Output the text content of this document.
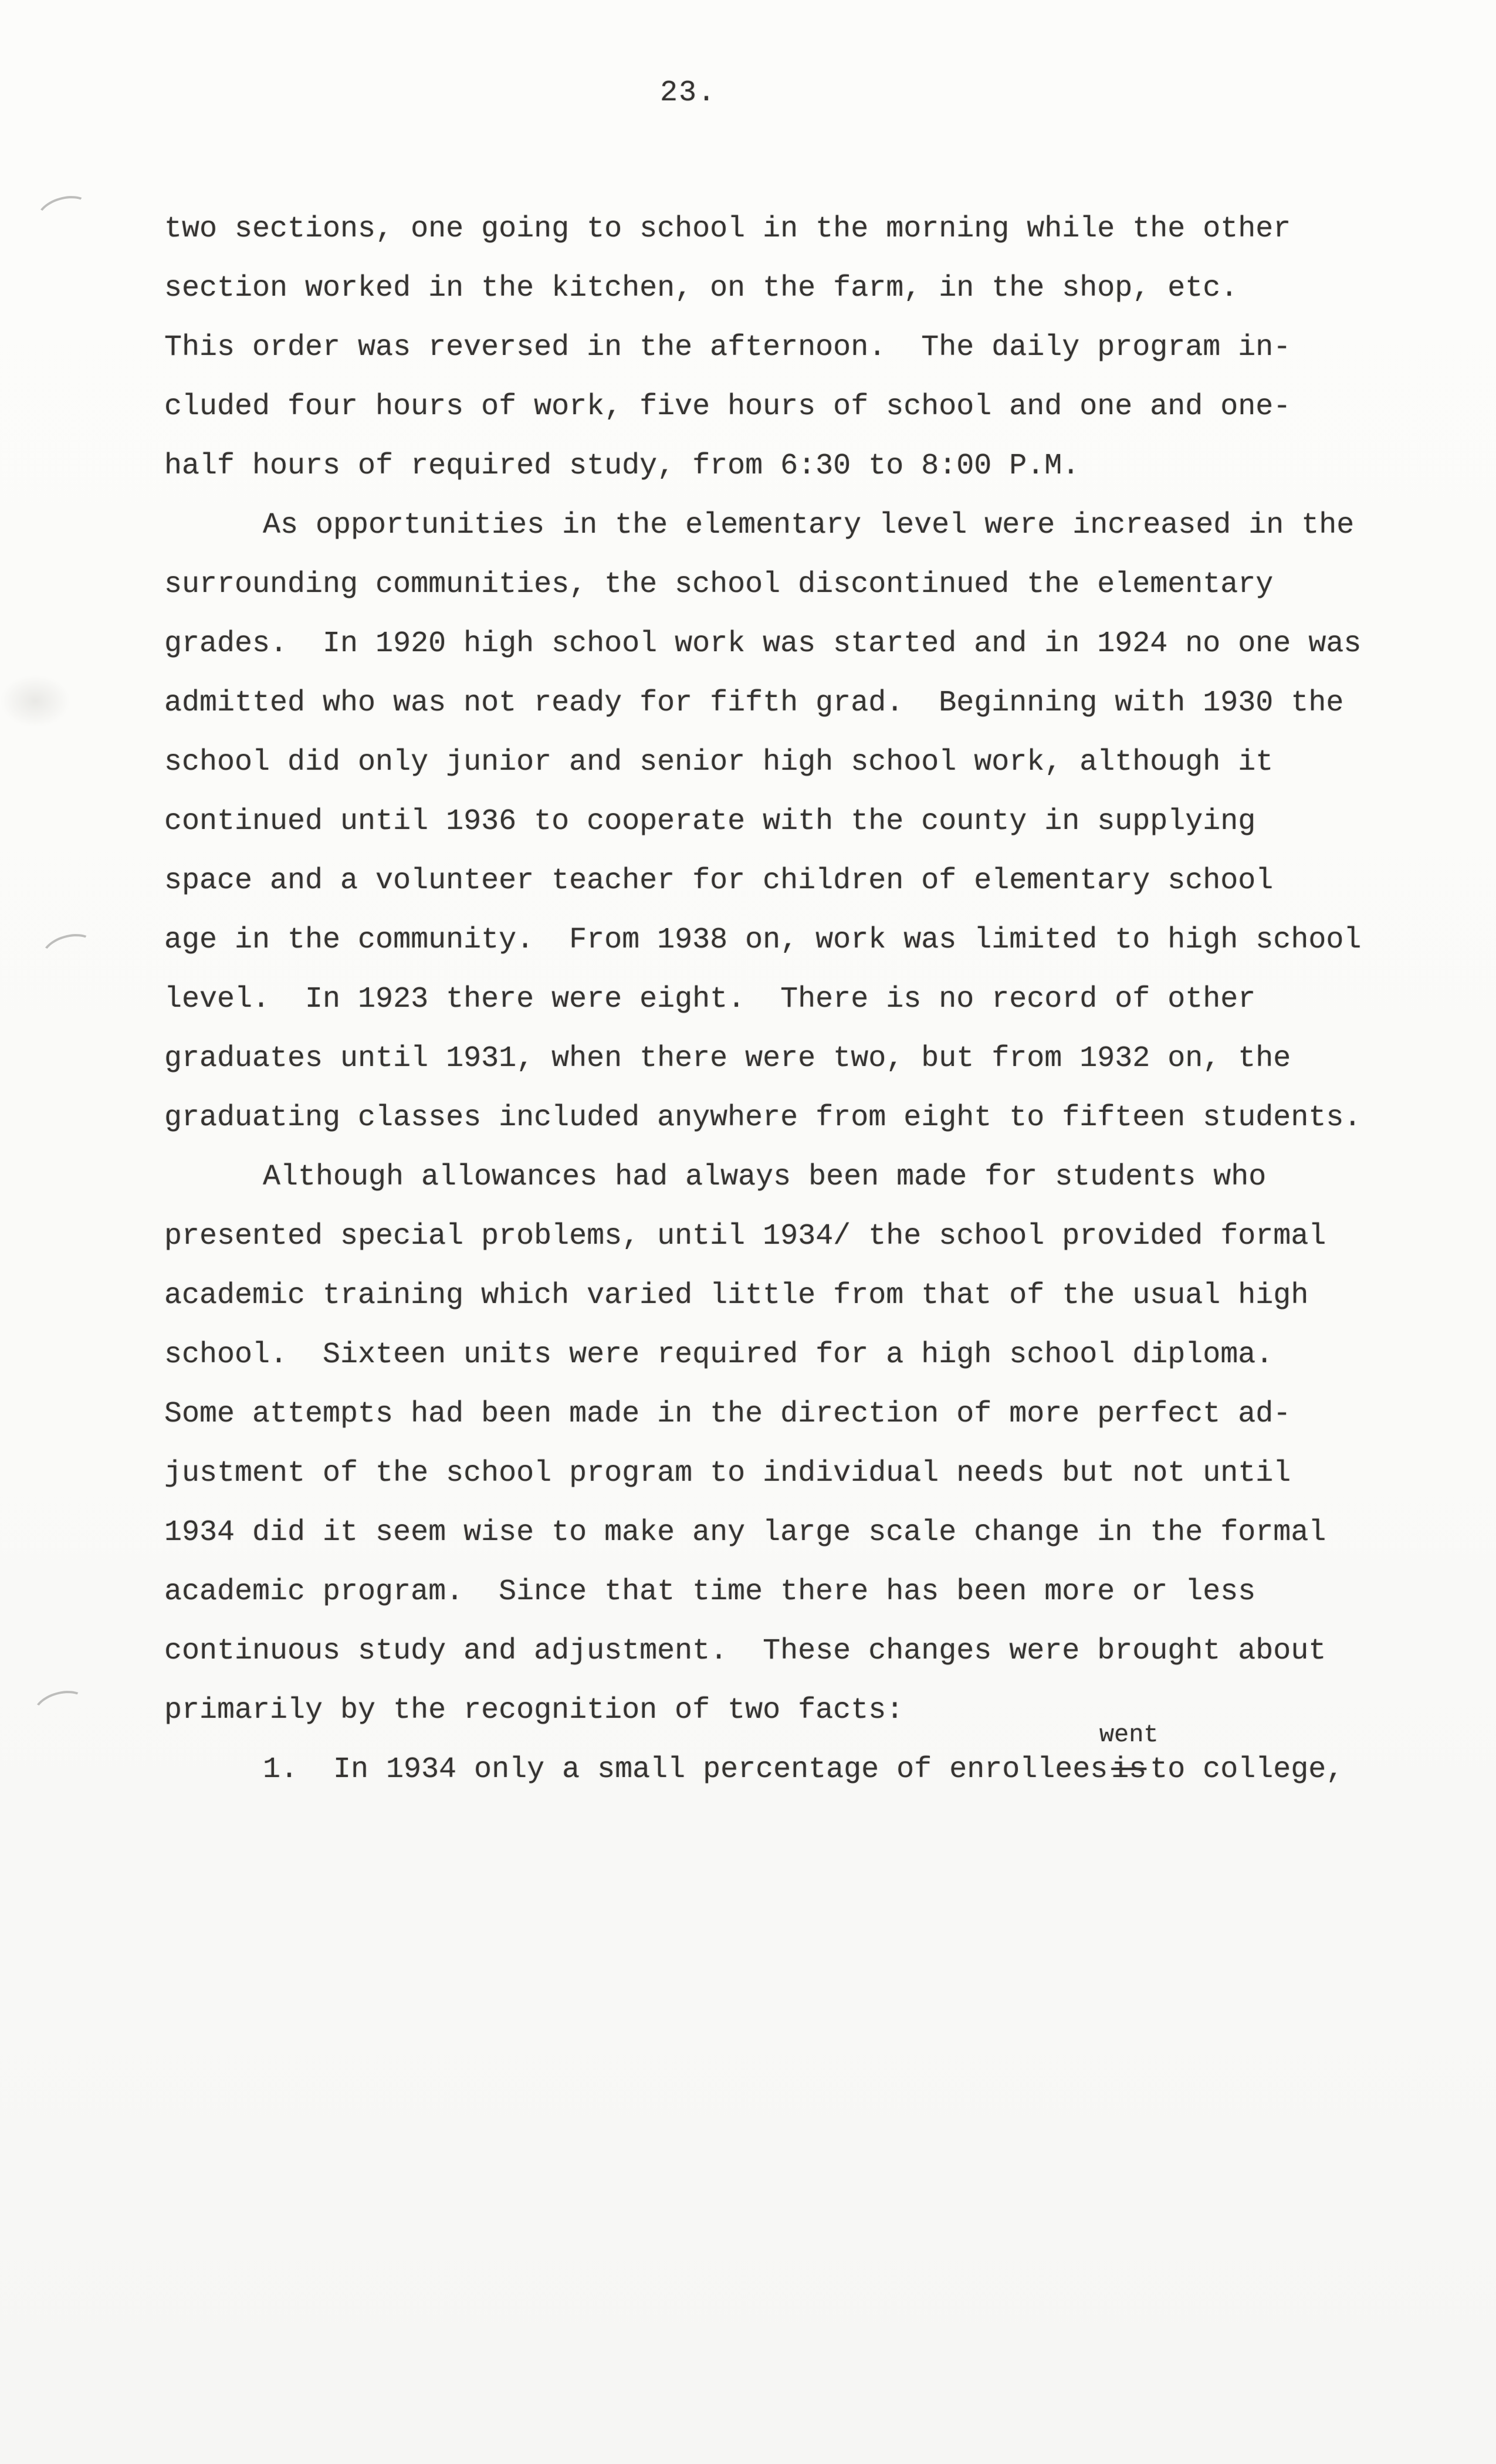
23.
two sections, one going to school in the morning while the other
section worked in the kitchen, on the farm, in the shop, etc.
This order was reversed in the afternoon.  The daily program in-
cluded four hours of work, five hours of school and one and one-
half hours of required study, from 6:30 to 8:00 P.M.
As opportunities in the elementary level were increased in the
surrounding communities, the school discontinued the elementary
grades.  In 1920 high school work was started and in 1924 no one was
admitted who was not ready for fifth grad.  Beginning with 1930 the
school did only junior and senior high school work, although it
continued until 1936 to cooperate with the county in supplying
space and a volunteer teacher for children of elementary school
age in the community.  From 1938 on, work was limited to high school
level.  In 1923 there were eight.  There is no record of other
graduates until 1931, when there were two, but from 1932 on, the
graduating classes included anywhere from eight to fifteen students.
Although allowances had always been made for students who
presented special problems, until 1934/ the school provided formal
academic training which varied little from that of the usual high
school.  Sixteen units were required for a high school diploma.
Some attempts had been made in the direction of more perfect ad-
justment of the school program to individual needs but not until
1934 did it seem wise to make any large scale change in the formal
academic program.  Since that time there has been more or less
continuous study and adjustment.  These changes were brought about
primarily by the recognition of two facts:
1.  In 1934 only a small percentage of enrollees
went
is to college,
